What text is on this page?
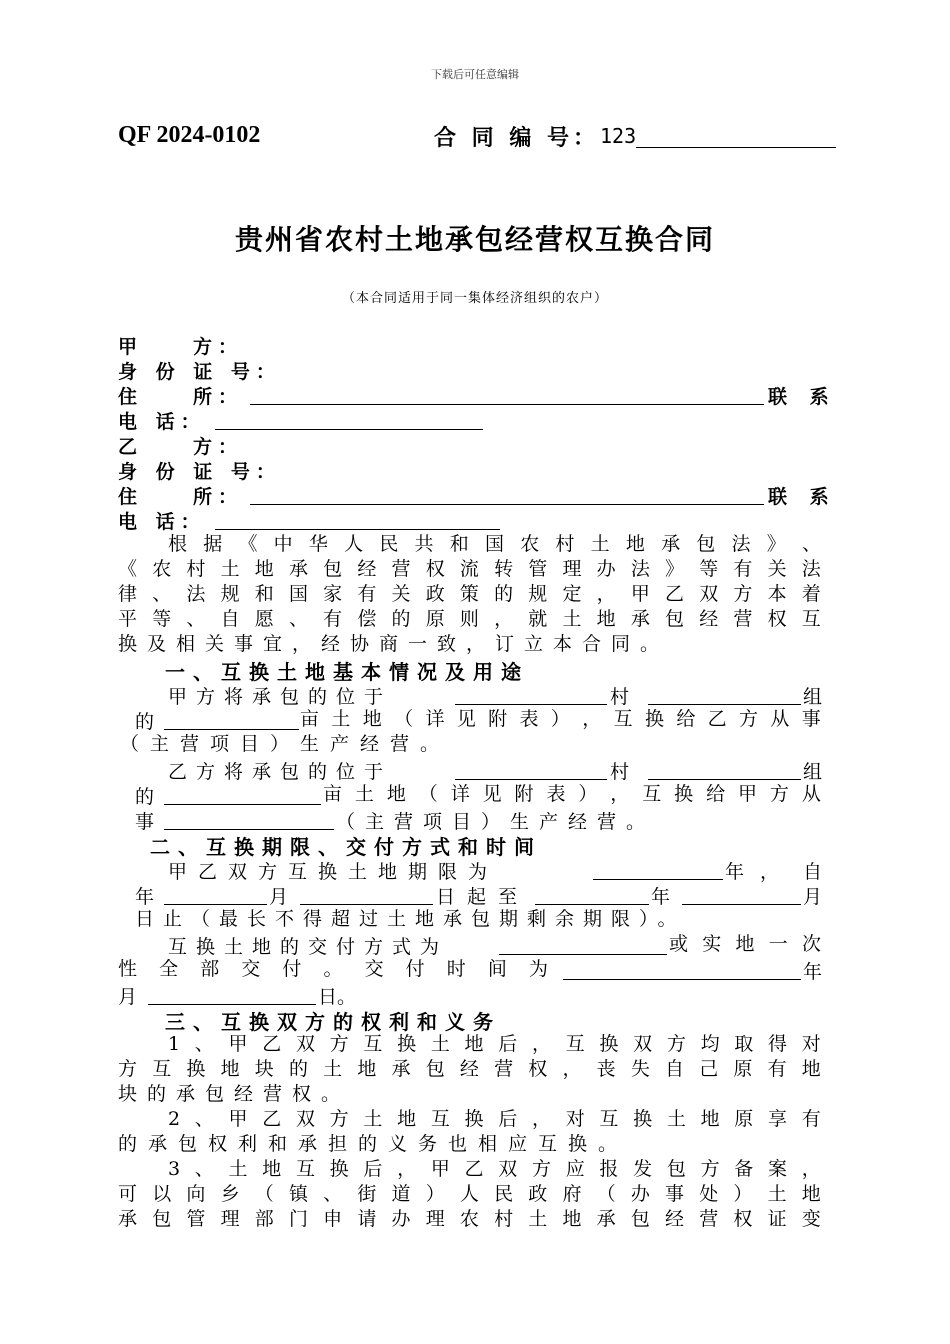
下载后可任意编辑
QF 2024-0102	合 同 编 号： 123
贵州省农村土地承包经营权互换合同
（本合同适用于同一集体经济组织的农户）
甲　　方：
身 份 证 号：
住　　所：	联 系
电 话：
乙　　方：
身 份 证 号：
住　　所：	联 系
电 话：
根 据 《 中 华 人 民 共 和 国 农 村 土 地 承 包 法 》 、
《 农 村 土 地 承 包 经 营 权 流 转 管 理 办 法 》 等 有 关 法
律 、 法 规 和 国 家 有 关 政 策 的 规 定 ， 甲 乙 双 方 本 着
平 等 、 自 愿 、 有 偿 的 原 则 ， 就 土 地 承 包 经 营 权 互
换及相关事宜，经协商一致，订立本合同。
一、互换土地基本情况及用途
甲方将承包的位于	村	组
的	亩 土 地 （ 详 见 附 表 ） ， 互 换 给 乙 方 从 事
（主营项目）生产经营。
乙方将承包的位于	村	组
的	亩 土 地 （ 详 见 附 表 ） ， 互 换 给 甲 方 从
事	（主营项目）生产经营。
二、互换期限、交付方式和时间
甲乙双方互换土地期限为	年， 自
年	月	日起至	年	月
日止（最长不得超过土地承包期剩余期限）。
互换土地的交付方式为	或 实 地 一 次
性 全 部 交 付 。 交 付 时 间 为	年
月	日。
三、互换双方的权利和义务
1 、 甲 乙 双 方 互 换 土 地 后 ， 互 换 双 方 均 取 得 对
方 互 换 地 块 的 土 地 承 包 经 营 权 ， 丧 失 自 己 原 有 地
块的承包经营权。
2 、 甲 乙 双 方 土 地 互 换 后 ， 对 互 换 土 地 原 享 有
的承包权利和承担的义务也相应互换。
3 、 土 地 互 换 后 ， 甲 乙 双 方 应 报 发 包 方 备 案 ，
可 以 向 乡 （ 镇 、 街 道 ） 人 民 政 府 （ 办 事 处 ） 土 地
承 包 管 理 部 门 申 请 办 理 农 村 土 地 承 包 经 营 权 证 变
